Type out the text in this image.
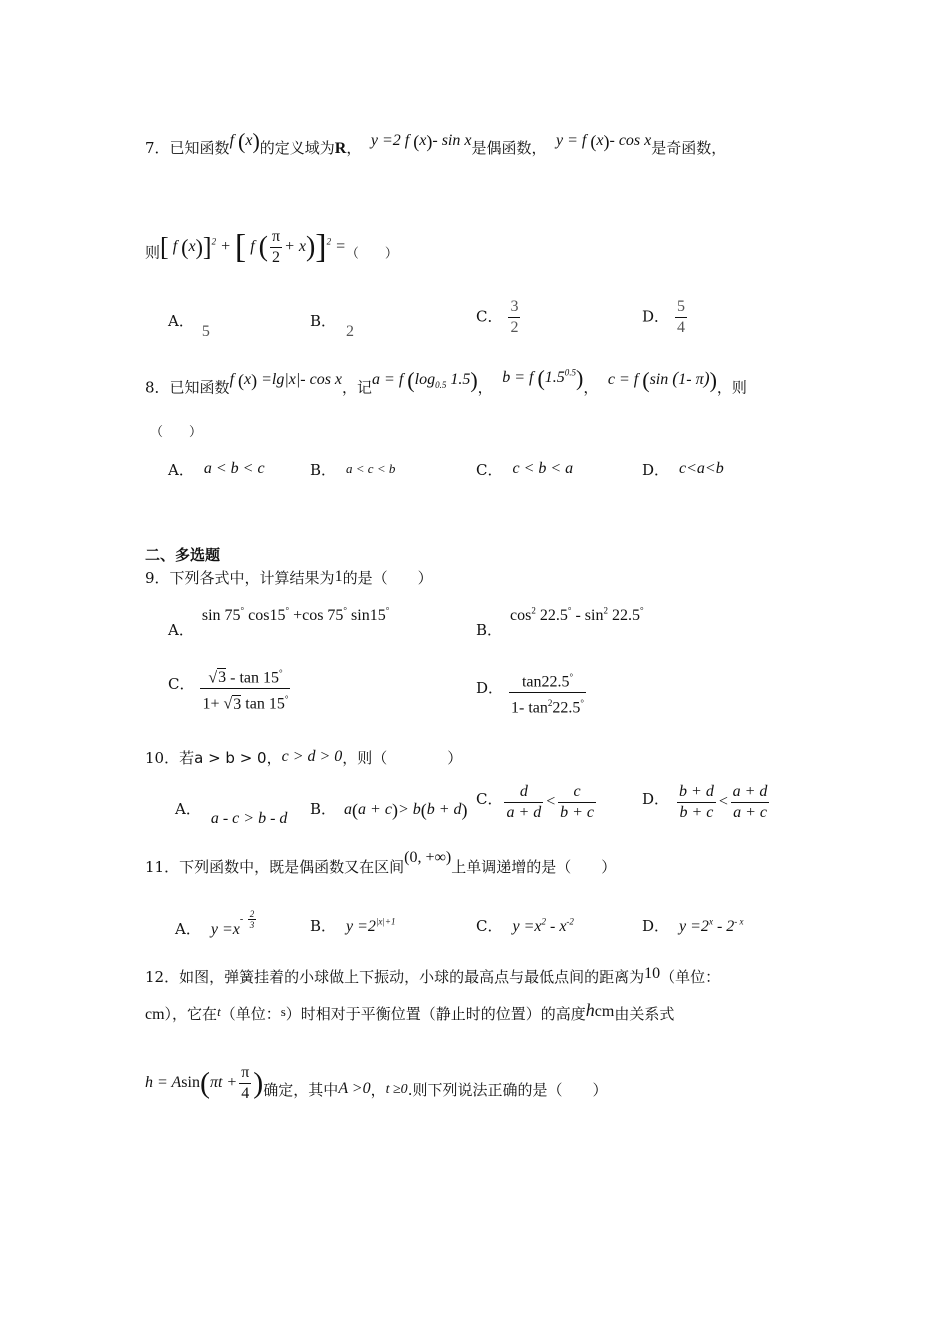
7．已知函数f (x)的定义域为R，  y =2 f (x)- sin x是偶函数， y = f (x)- cos x是奇函数，
则[ f (x)]$^2$ + [ f ( $\frac{\pi}{2} + x)]^2$ =（　　）
A．5
B．2
C． $\frac{3}{2}$	D． $\frac{5}{4}$
8．已知函数f (x) =lg|x|- cos x，记a = f ($\log_{0.5}$ 1.5)，  b = f $(1.5^{0.5})$，  c = f (sin (1- π))，则
（　　）
A． a < b < c	B． a < c < b	C． c < b < a	D． c<a<b
二、多选题
9．下列各式中，计算结果为1的是（　　）
A．sin 75° cos15° +cos 75° sin15°
B．$\cos^2 22.5^\circ - \sin^2 22.5^\circ$
C． $\frac{√3 - \tan 15^\circ}{1+ √3 \tan 15^\circ}$	D． $\frac{\tan 22.5^\circ}{1- \tan^222.5^\circ}$
10．若a > b > 0，c > d > 0，则（　　　　）
A．a - c > b - d
B． a(a + c)> b(b + d)
C． $\frac{d}{a + d} < \frac{c}{b + c}$	D． $\frac{b + d}{b + c} < \frac{a + d}{a + c}$
11．下列函数中，既是偶函数又在区间(0, +∞)上单调递增的是（　　）
A． $y =x^{- \frac{2}{3}}$	B． $y =2^{|x|+1}$	C． $y =x^2 - x^{-2}$	D． $y =2^x - 2^{- x}$
12．如图，弹簧挂着的小球做上下振动，小球的最高点与最低点间的距离为10（单位：
cm），它在t（单位：s）时相对于平衡位置（静止时的位置）的高度hcm由关系式
$h = Asin(\pi t + \frac{\pi}{4}$ )确定，其中A >0，t ≥0.则下列说法正确的是（　　）
